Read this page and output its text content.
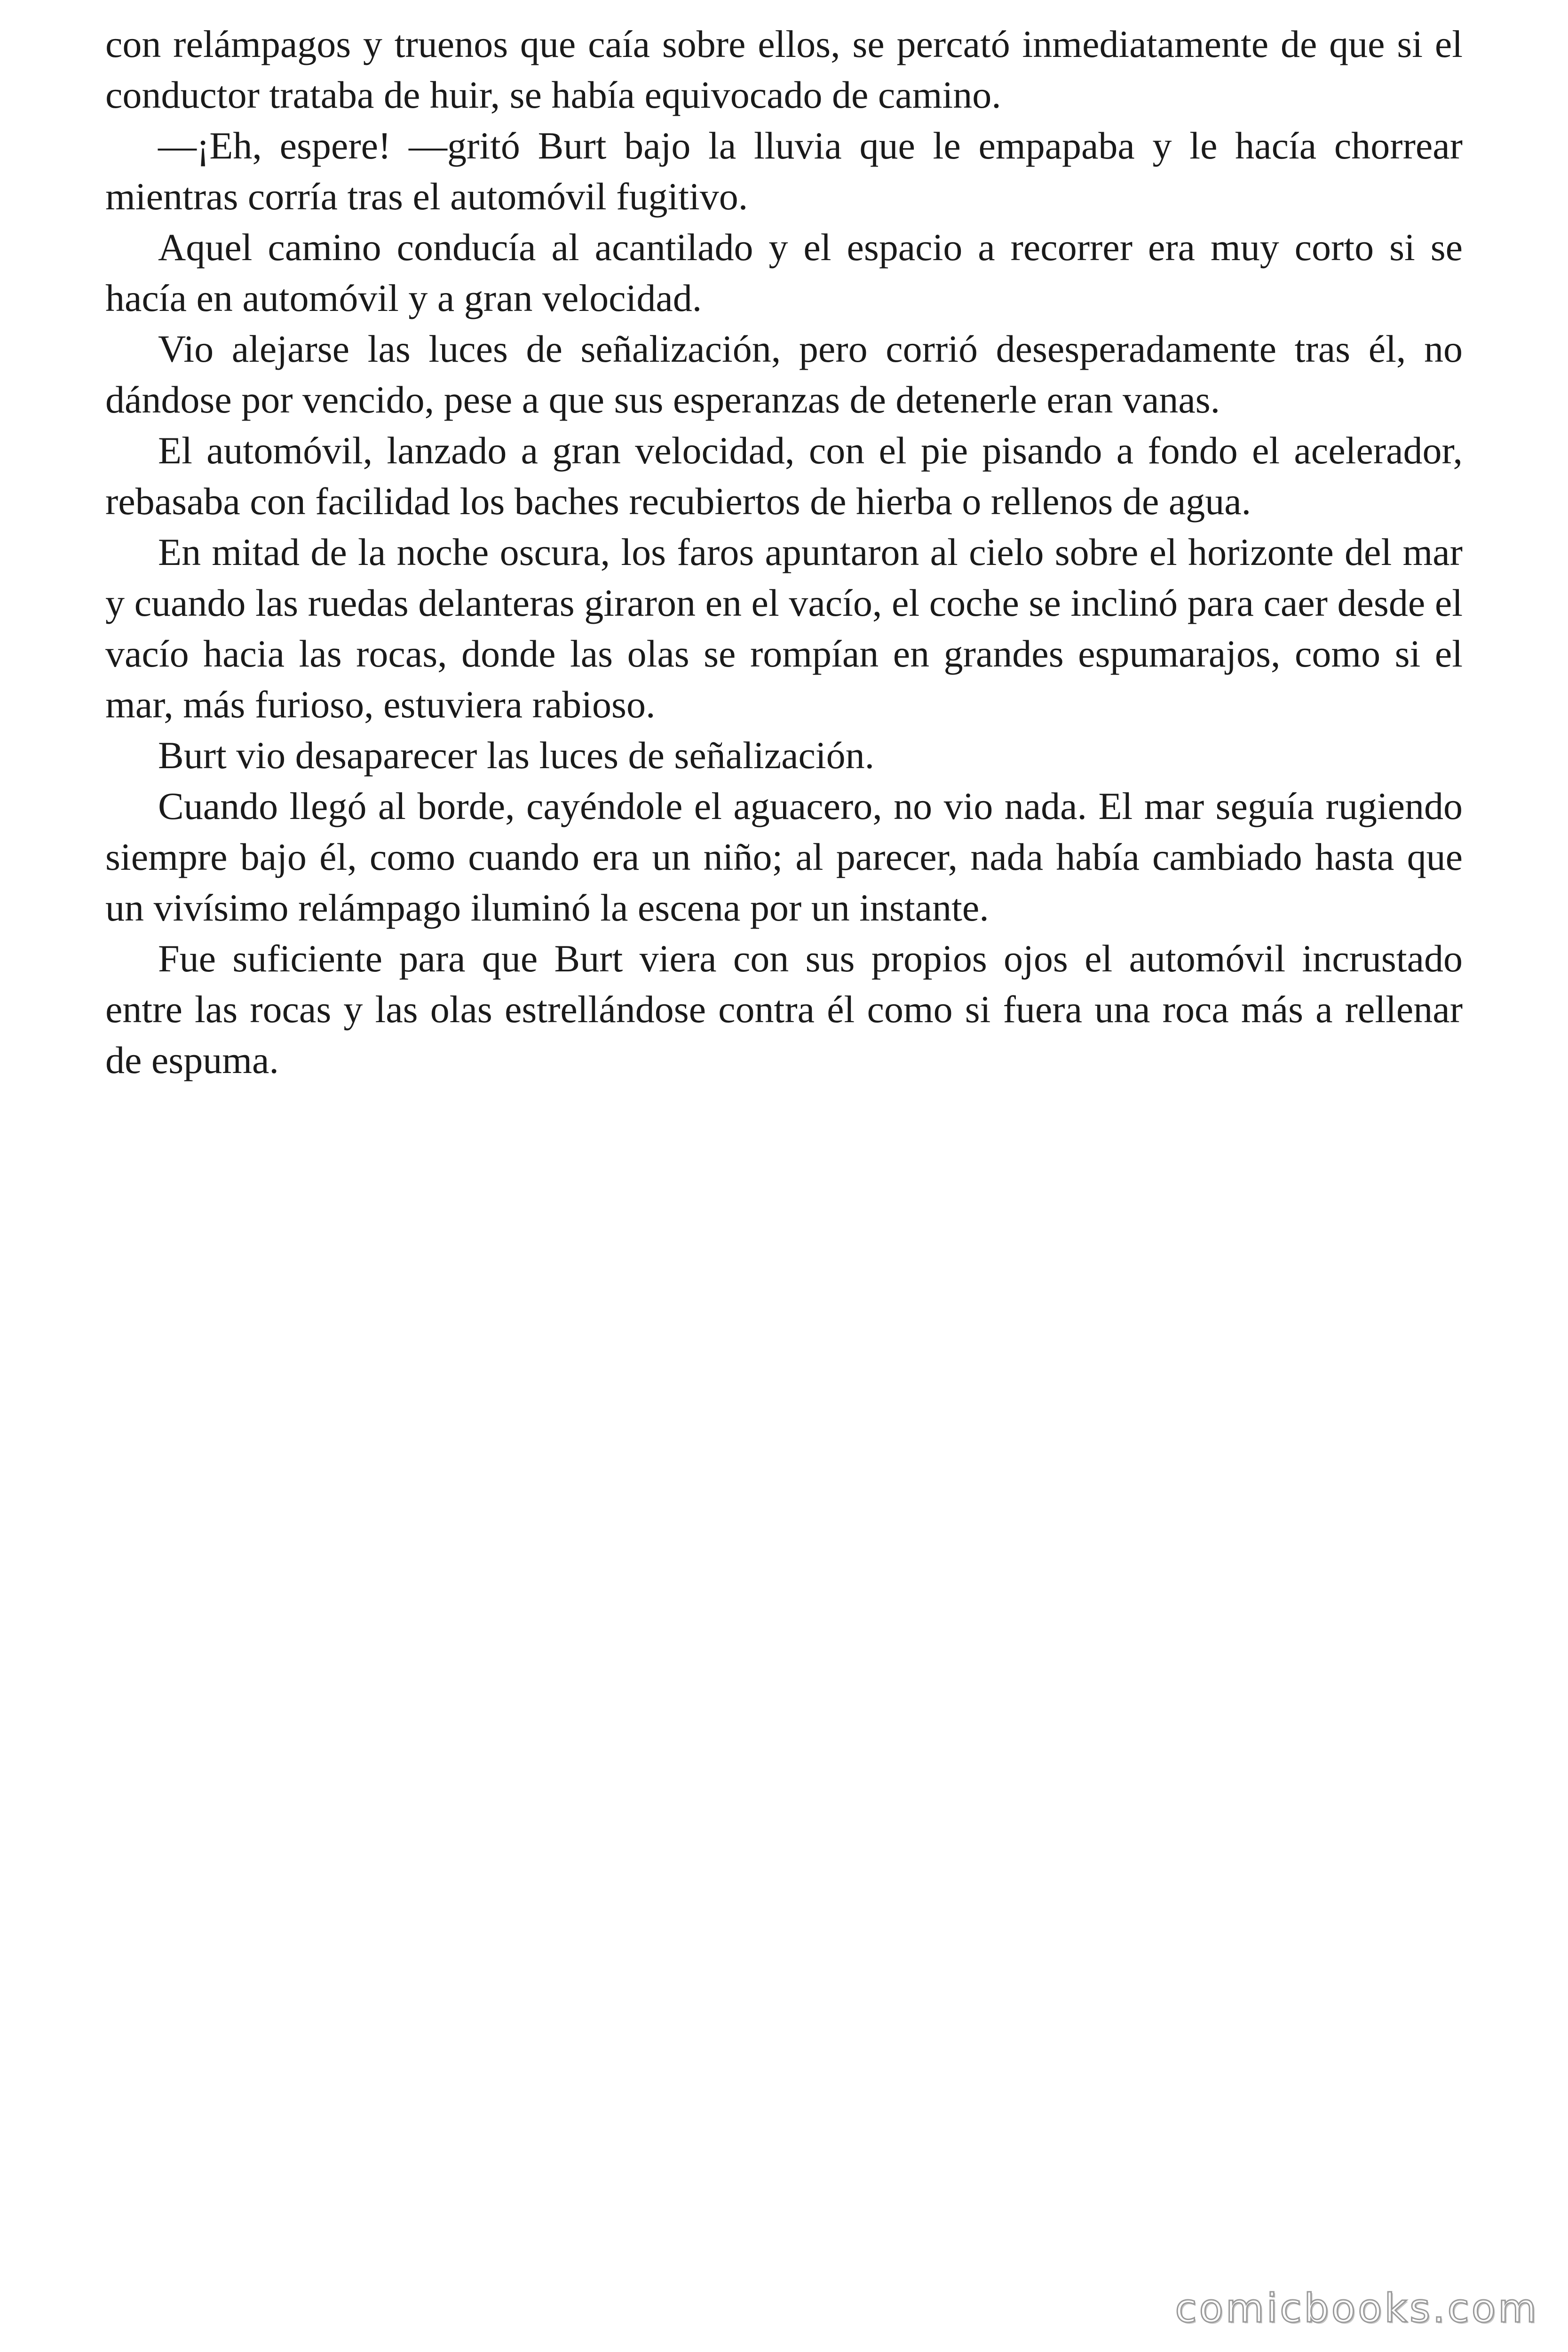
con relámpagos y truenos que caía sobre ellos, se percató inmediatamente de que si el conductor trataba de huir, se había equivocado de camino.

—¡Eh, espere! —gritó Burt bajo la lluvia que le empapaba y le hacía chorrear mientras corría tras el automóvil fugitivo.

Aquel camino conducía al acantilado y el espacio a recorrer era muy corto si se hacía en automóvil y a gran velocidad.

Vio alejarse las luces de señalización, pero corrió desesperadamente tras él, no dándose por vencido, pese a que sus esperanzas de detenerle eran vanas.

El automóvil, lanzado a gran velocidad, con el pie pisando a fondo el acelerador, rebasaba con facilidad los baches recubiertos de hierba o rellenos de agua.

En mitad de la noche oscura, los faros apuntaron al cielo sobre el horizonte del mar y cuando las ruedas delanteras giraron en el vacío, el coche se inclinó para caer desde el vacío hacia las rocas, donde las olas se rompían en grandes espumarajos, como si el mar, más furioso, estuviera rabioso.

Burt vio desaparecer las luces de señalización.

Cuando llegó al borde, cayéndole el aguacero, no vio nada. El mar seguía rugiendo siempre bajo él, como cuando era un niño; al parecer, nada había cambiado hasta que un vivísimo relámpago iluminó la escena por un instante.

Fue suficiente para que Burt viera con sus propios ojos el automóvil incrustado entre las rocas y las olas estrellándose contra él como si fuera una roca más a rellenar de espuma.

comicbooks.com
